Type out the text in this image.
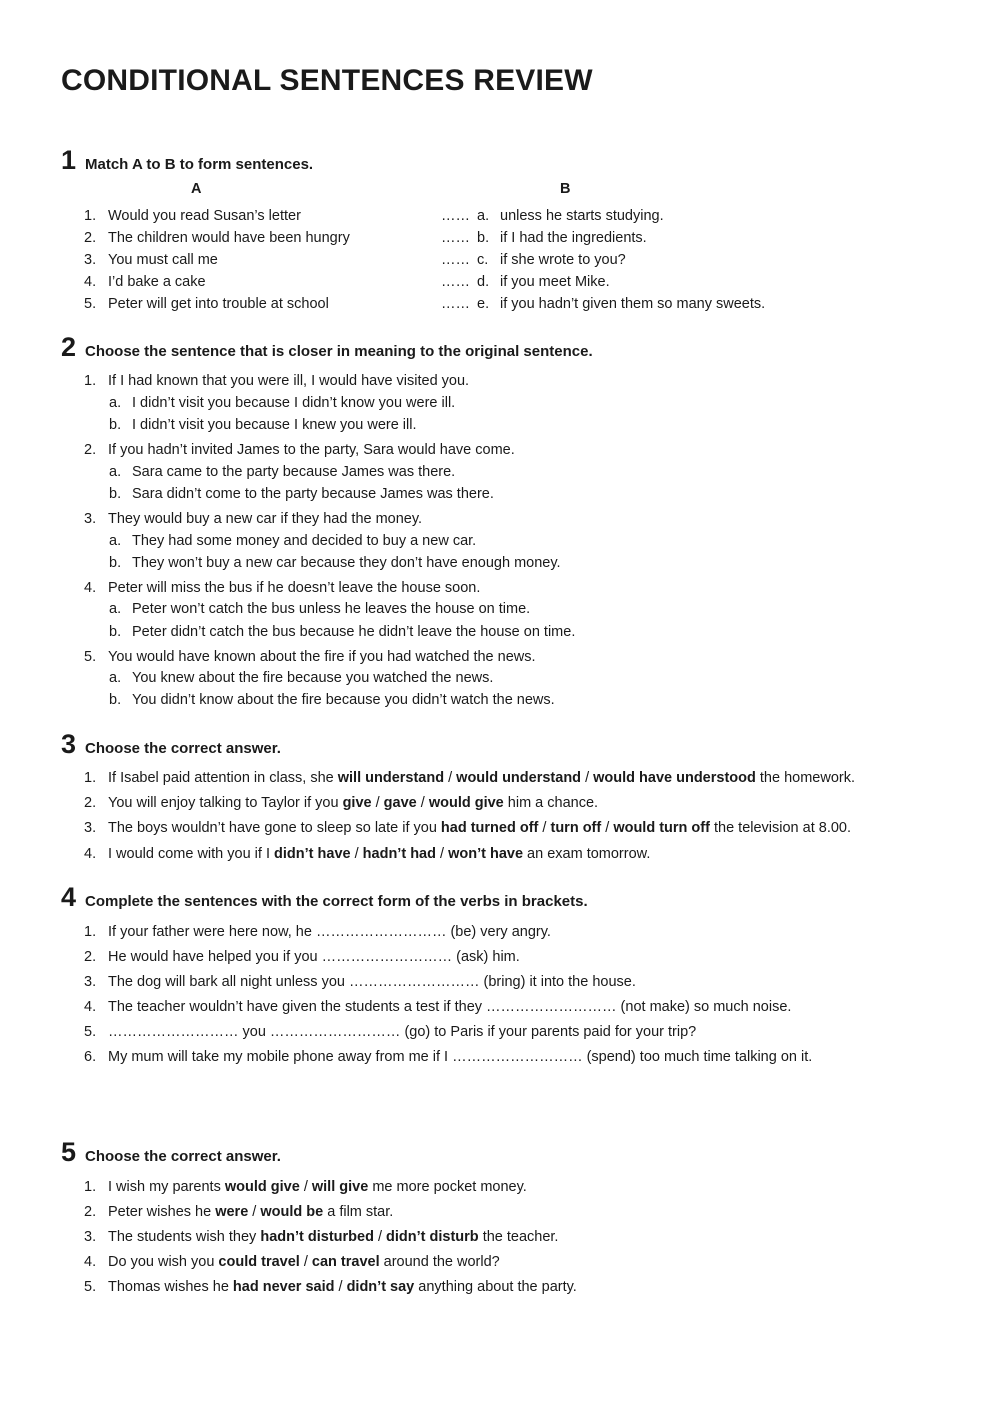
CONDITIONAL SENTENCES REVIEW
1 Match A to B to form sentences.
A	B
1. Would you read Susan’s letter	…… a. unless he starts studying.
2. The children would have been hungry	…… b. if I had the ingredients.
3. You must call me	…… c. if she wrote to you?
4. I’d bake a cake	…… d. if you meet Mike.
5. Peter will get into trouble at school	…… e. if you hadn’t given them so many sweets.
2 Choose the sentence that is closer in meaning to the original sentence.
1. If I had known that you were ill, I would have visited you.
a. I didn’t visit you because I didn’t know you were ill.
b. I didn’t visit you because I knew you were ill.
2. If you hadn’t invited James to the party, Sara would have come.
a. Sara came to the party because James was there.
b. Sara didn’t come to the party because James was there.
3. They would buy a new car if they had the money.
a. They had some money and decided to buy a new car.
b. They won’t buy a new car because they don’t have enough money.
4. Peter will miss the bus if he doesn’t leave the house soon.
a. Peter won’t catch the bus unless he leaves the house on time.
b. Peter didn’t catch the bus because he didn’t leave the house on time.
5. You would have known about the fire if you had watched the news.
a. You knew about the fire because you watched the news.
b. You didn’t know about the fire because you didn’t watch the news.
3 Choose the correct answer.
1. If Isabel paid attention in class, she will understand / would understand / would have understood the homework.
2. You will enjoy talking to Taylor if you give / gave / would give him a chance.
3. The boys wouldn’t have gone to sleep so late if you had turned off / turn off / would turn off the television at 8.00.
4. I would come with you if I didn’t have / hadn’t had / won’t have an exam tomorrow.
4 Complete the sentences with the correct form of the verbs in brackets.
1. If your father were here now, he ……………………… (be) very angry.
2. He would have helped you if you ……………………… (ask) him.
3. The dog will bark all night unless you ……………………… (bring) it into the house.
4. The teacher wouldn’t have given the students a test if they ……………………… (not make) so much noise.
5. ……………………… you ……………………… (go) to Paris if your parents paid for your trip?
6. My mum will take my mobile phone away from me if I ……………………… (spend) too much time talking on it.
5 Choose the correct answer.
1. I wish my parents would give / will give me more pocket money.
2. Peter wishes he were / would be a film star.
3. The students wish they hadn’t disturbed / didn’t disturb the teacher.
4. Do you wish you could travel / can travel around the world?
5. Thomas wishes he had never said / didn’t say anything about the party.
